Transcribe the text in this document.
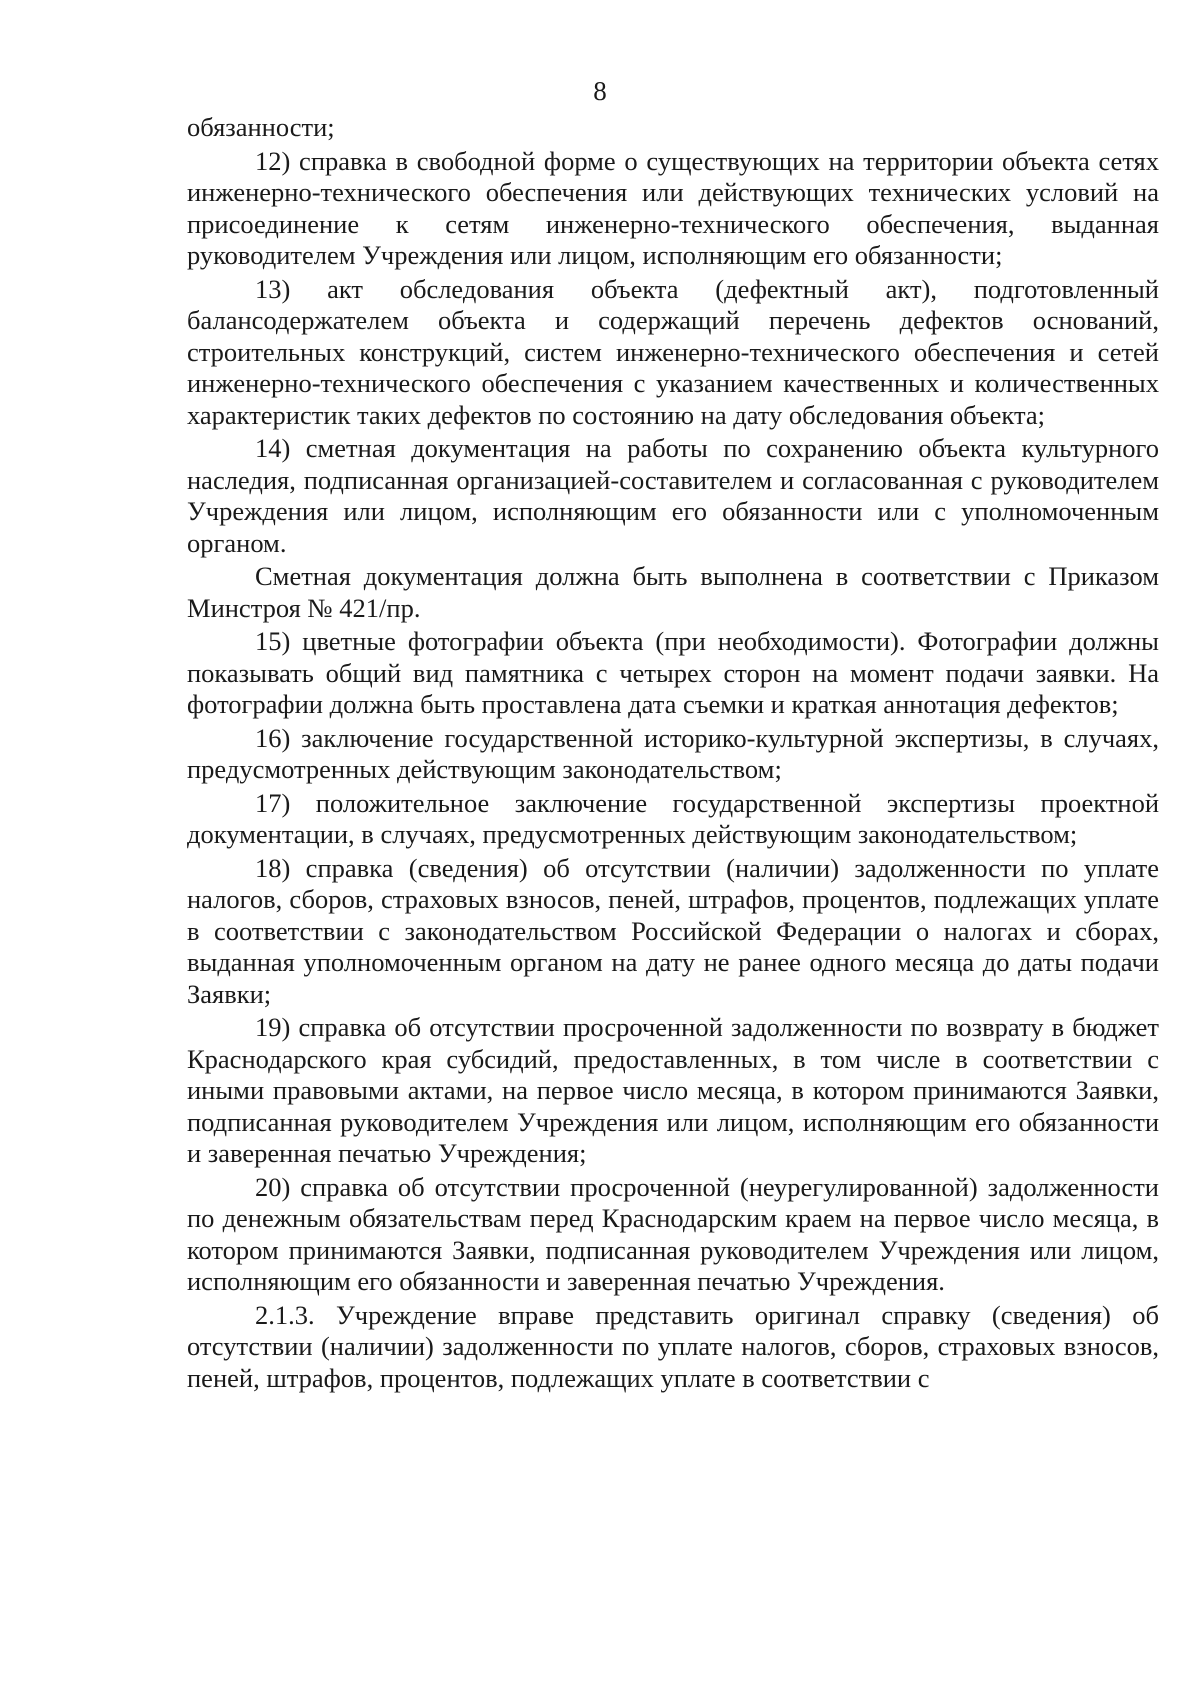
8

обязанности;

12) справка в свободной форме о существующих на территории объекта сетях инженерно-технического обеспечения или действующих технических условий на присоединение к сетям инженерно-технического обеспечения, выданная руководителем Учреждения или лицом, исполняющим его обязанности;

13) акт обследования объекта (дефектный акт), подготовленный балансодержателем объекта и содержащий перечень дефектов оснований, строительных конструкций, систем инженерно-технического обеспечения и сетей инженерно-технического обеспечения с указанием качественных и количественных характеристик таких дефектов по состоянию на дату обследования объекта;

14) сметная документация на работы по сохранению объекта культурного наследия, подписанная организацией-составителем и согласованная с руководителем Учреждения или лицом, исполняющим его обязанности или с уполномоченным органом.

Сметная документация должна быть выполнена в соответствии с Приказом Минстроя № 421/пр.

15) цветные фотографии объекта (при необходимости). Фотографии должны показывать общий вид памятника с четырех сторон на момент подачи заявки. На фотографии должна быть проставлена дата съемки и краткая аннотация дефектов;

16) заключение государственной историко-культурной экспертизы, в случаях, предусмотренных действующим законодательством;

17) положительное заключение государственной экспертизы проектной документации, в случаях, предусмотренных действующим законодательством;

18) справка (сведения) об отсутствии (наличии) задолженности по уплате налогов, сборов, страховых взносов, пеней, штрафов, процентов, подлежащих уплате в соответствии с законодательством Российской Федерации о налогах и сборах, выданная уполномоченным органом на дату не ранее одного месяца до даты подачи Заявки;

19) справка об отсутствии просроченной задолженности по возврату в бюджет Краснодарского края субсидий, предоставленных, в том числе в соответствии с иными правовыми актами, на первое число месяца, в котором принимаются Заявки, подписанная руководителем Учреждения или лицом, исполняющим его обязанности и заверенная печатью Учреждения;

20) справка об отсутствии просроченной (неурегулированной) задолженности по денежным обязательствам перед Краснодарским краем на первое число месяца, в котором принимаются Заявки, подписанная руководителем Учреждения или лицом, исполняющим его обязанности и заверенная печатью Учреждения.

2.1.3. Учреждение вправе представить оригинал справку (сведения) об отсутствии (наличии) задолженности по уплате налогов, сборов, страховых взносов, пеней, штрафов, процентов, подлежащих уплате в соответствии с
